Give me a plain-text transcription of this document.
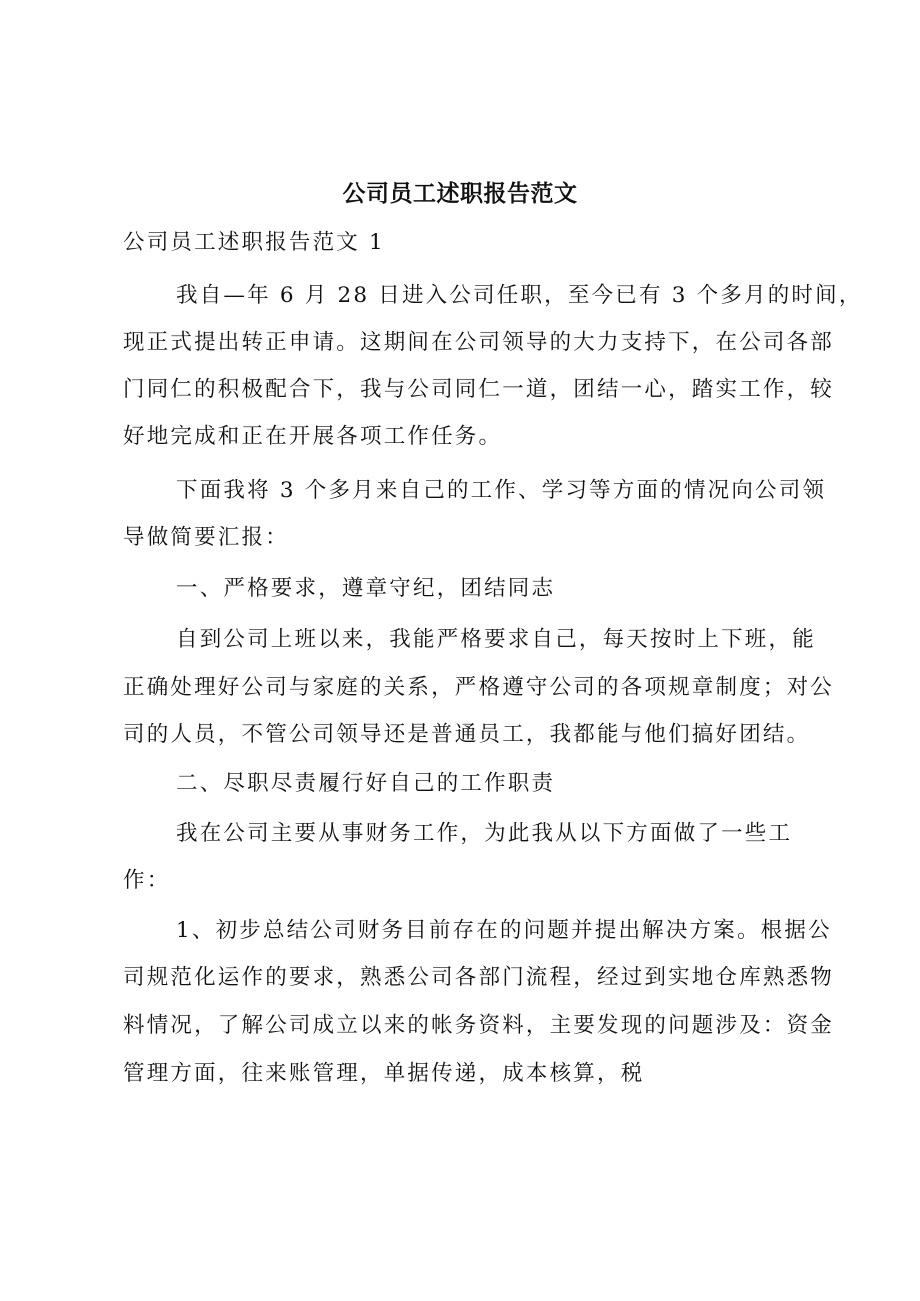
公司员工述职报告范文

公司员工述职报告范文 1

我自—年 6 月 28 日进入公司任职，至今已有 3 个多月的时间，

现正式提出转正申请。这期间在公司领导的大力支持下，在公司各部

门同仁的积极配合下，我与公司同仁一道，团结一心，踏实工作，较

好地完成和正在开展各项工作任务。

下面我将 3 个多月来自己的工作、学习等方面的情况向公司领

导做简要汇报：

一、严格要求，遵章守纪，团结同志

自到公司上班以来，我能严格要求自己，每天按时上下班，能

正确处理好公司与家庭的关系，严格遵守公司的各项规章制度；对公

司的人员，不管公司领导还是普通员工，我都能与他们搞好团结。

二、尽职尽责履行好自己的工作职责

我在公司主要从事财务工作，为此我从以下方面做了一些工

作：

1、初步总结公司财务目前存在的问题并提出解决方案。根据公

司规范化运作的要求，熟悉公司各部门流程，经过到实地仓库熟悉物

料情况，了解公司成立以来的帐务资料，主要发现的问题涉及：资金

管理方面，往来账管理，单据传递，成本核算，税
